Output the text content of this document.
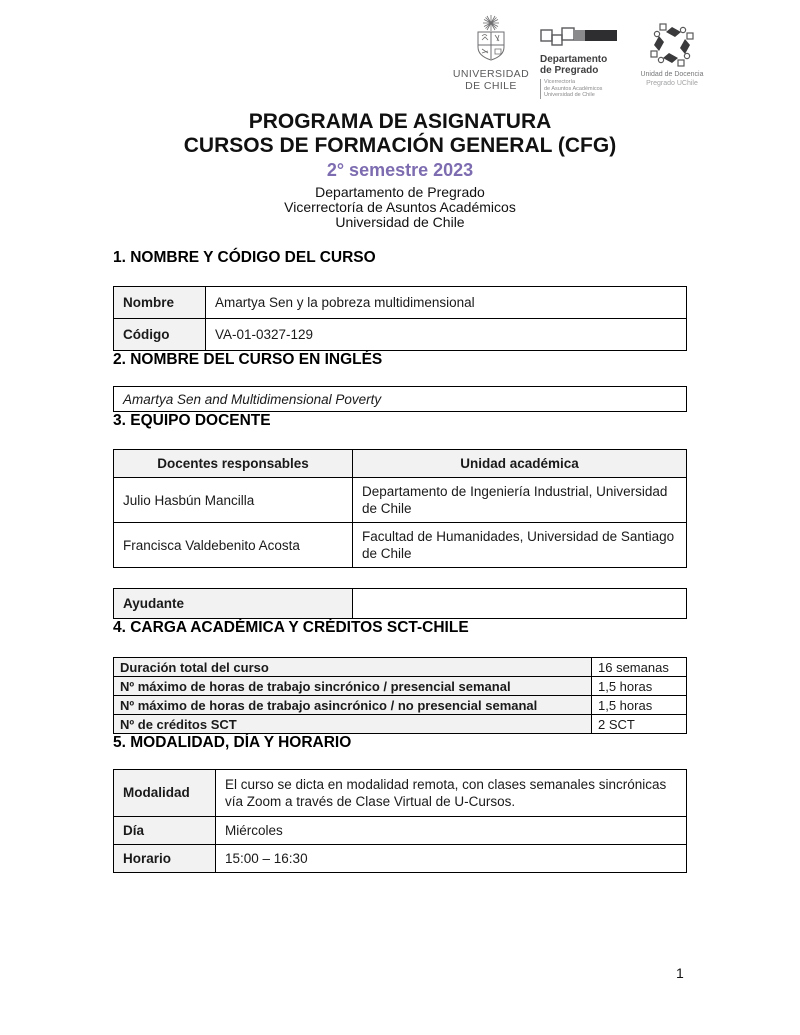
UNIVERSIDAD
DE CHILE
Departamento
de Pregrado
Vicerrectoría
de Asuntos Académicos
Universidad de Chile
Unidad de Docencia
Pregrado UChile
PROGRAMA DE ASIGNATURA
CURSOS DE FORMACIÓN GENERAL (CFG)
2° semestre 2023
Departamento de Pregrado
Vicerrectoría de Asuntos Académicos
Universidad de Chile
1. NOMBRE Y CÓDIGO DEL CURSO
Nombre	Amartya Sen y la pobreza multidimensional
Código	VA-01-0327-129
2. NOMBRE DEL CURSO EN INGLÉS
Amartya Sen and Multidimensional Poverty
3. EQUIPO DOCENTE
Docentes responsables	Unidad académica
Julio Hasbún Mancilla	Departamento de Ingeniería Industrial, Universidad de Chile
Francisca Valdebenito Acosta	Facultad de Humanidades, Universidad de Santiago de Chile
Ayudante	
4. CARGA ACADÉMICA Y CRÉDITOS SCT-CHILE
Duración total del curso	16 semanas
Nº máximo de horas de trabajo sincrónico / presencial semanal	1,5 horas
Nº máximo de horas de trabajo asincrónico / no presencial semanal	1,5 horas
Nº de créditos SCT	2 SCT
5. MODALIDAD, DÍA Y HORARIO
Modalidad	El curso se dicta en modalidad remota, con clases semanales sincrónicas vía Zoom a través de Clase Virtual de U-Cursos.
Día	Miércoles
Horario	15:00 – 16:30
1
